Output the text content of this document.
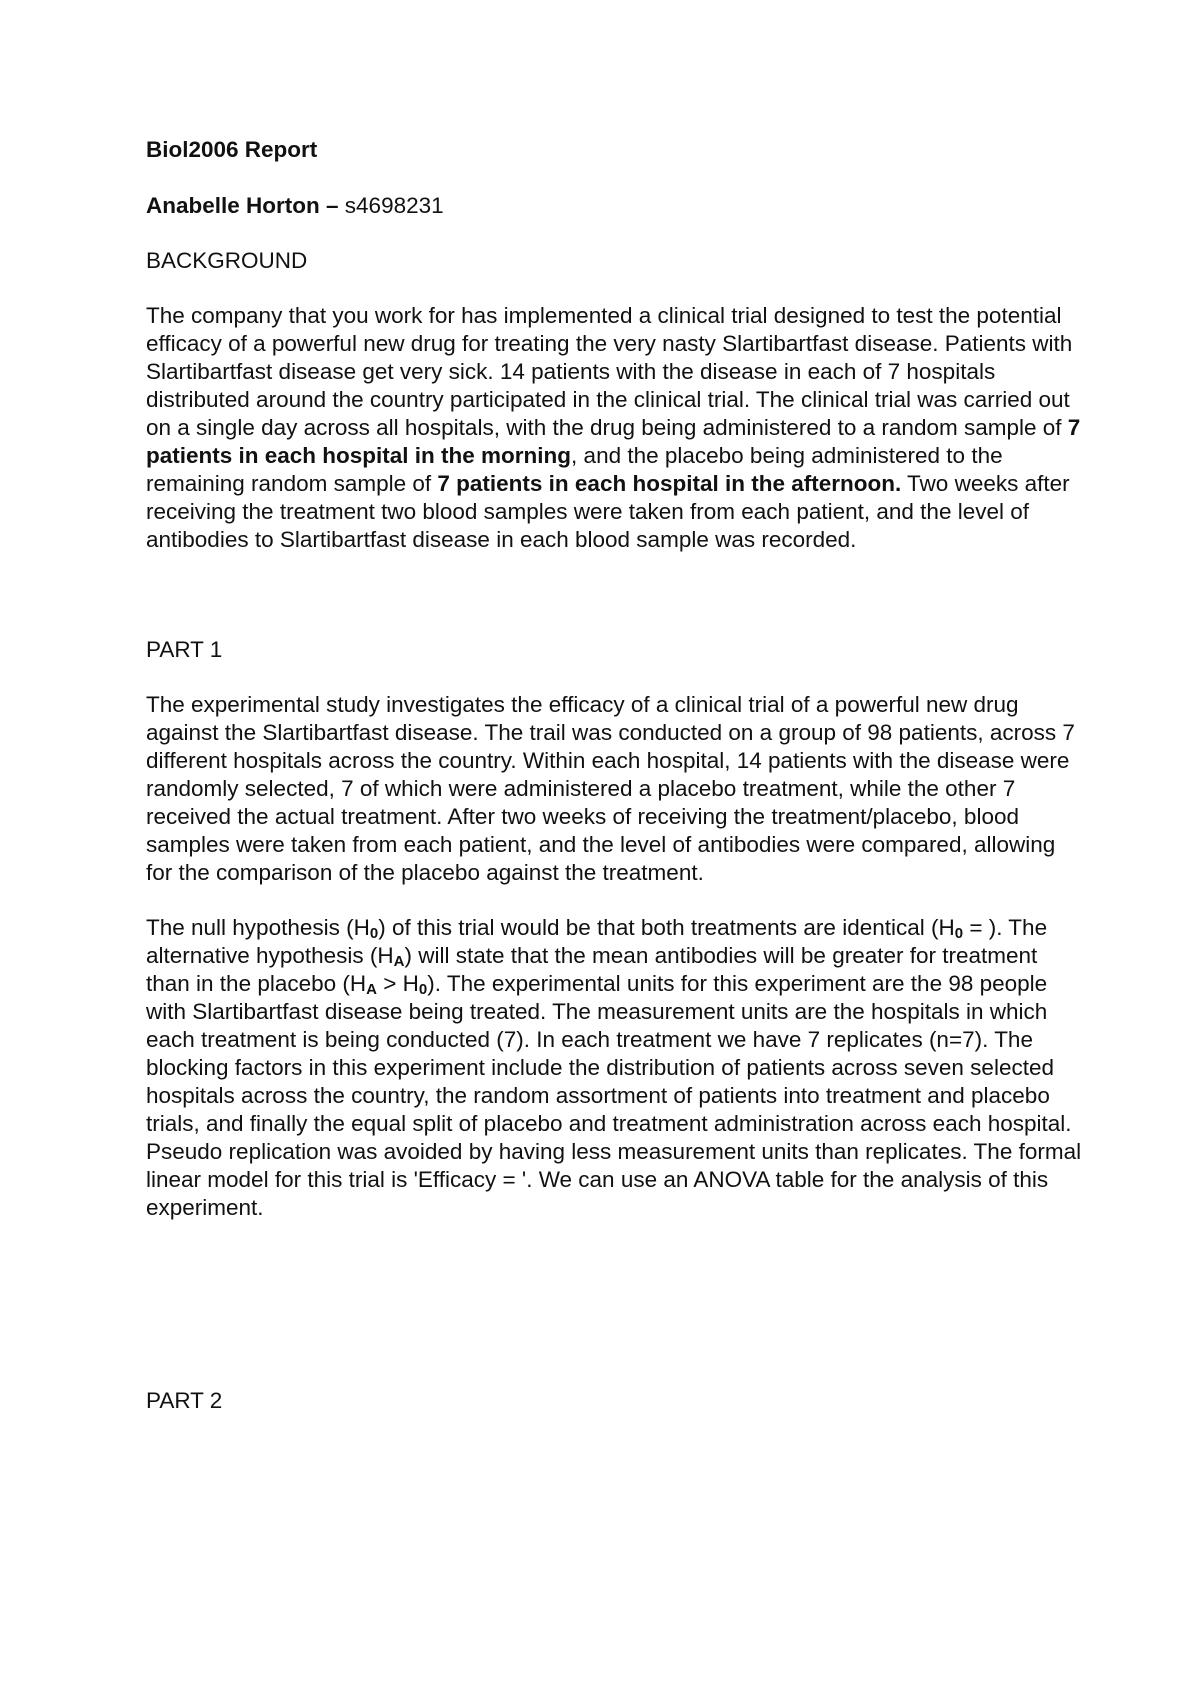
Biol2006 Report

Anabelle Horton – s4698231

BACKGROUND

The company that you work for has implemented a clinical trial designed to test the potential efficacy of a powerful new drug for treating the very nasty Slartibartfast disease. Patients with Slartibartfast disease get very sick. 14 patients with the disease in each of 7 hospitals distributed around the country participated in the clinical trial. The clinical trial was carried out on a single day across all hospitals, with the drug being administered to a random sample of 7 patients in each hospital in the morning, and the placebo being administered to the remaining random sample of 7 patients in each hospital in the afternoon. Two weeks after receiving the treatment two blood samples were taken from each patient, and the level of antibodies to Slartibartfast disease in each blood sample was recorded.

PART 1

The experimental study investigates the efficacy of a clinical trial of a powerful new drug against the Slartibartfast disease. The trail was conducted on a group of 98 patients, across 7 different hospitals across the country. Within each hospital, 14 patients with the disease were randomly selected, 7 of which were administered a placebo treatment, while the other 7 received the actual treatment. After two weeks of receiving the treatment/placebo, blood samples were taken from each patient, and the level of antibodies were compared, allowing for the comparison of the placebo against the treatment.

The null hypothesis $(H_0)$ of this trial would be that both treatments are identical ($H_0$ = ). The alternative hypothesis $(H_A)$ will state that the mean antibodies will be greater for treatment than in the placebo $(H_A > H_0)$. The experimental units for this experiment are the 98 people with Slartibartfast disease being treated. The measurement units are the hospitals in which each treatment is being conducted (7). In each treatment we have 7 replicates (n=7). The blocking factors in this experiment include the distribution of patients across seven selected hospitals across the country, the random assortment of patients into treatment and placebo trials, and finally the equal split of placebo and treatment administration across each hospital. Pseudo replication was avoided by having less measurement units than replicates. The formal linear model for this trial is 'Efficacy = '. We can use an ANOVA table for the analysis of this experiment.

PART 2
